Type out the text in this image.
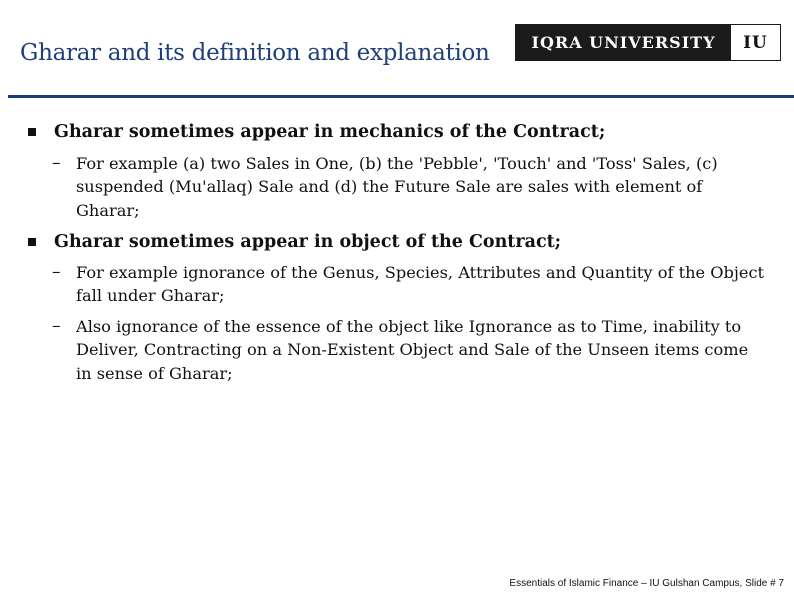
Gharar and its definition and explanation	IQRA UNIVERSITY	IU
Gharar sometimes appear in mechanics of the Contract;
– For example (a) two Sales in One, (b) the 'Pebble', 'Touch' and 'Toss' Sales, (c) suspended (Mu'allaq) Sale and (d) the Future Sale are sales with element of Gharar;
Gharar sometimes appear in object of the Contract;
– For example ignorance of the Genus, Species, Attributes and Quantity of the Object fall under Gharar;
– Also ignorance of the essence of the object like Ignorance as to Time, inability to Deliver, Contracting on a Non-Existent Object and Sale of the Unseen items come in sense of Gharar;
Essentials of Islamic Finance – IU Gulshan Campus, Slide # 7
